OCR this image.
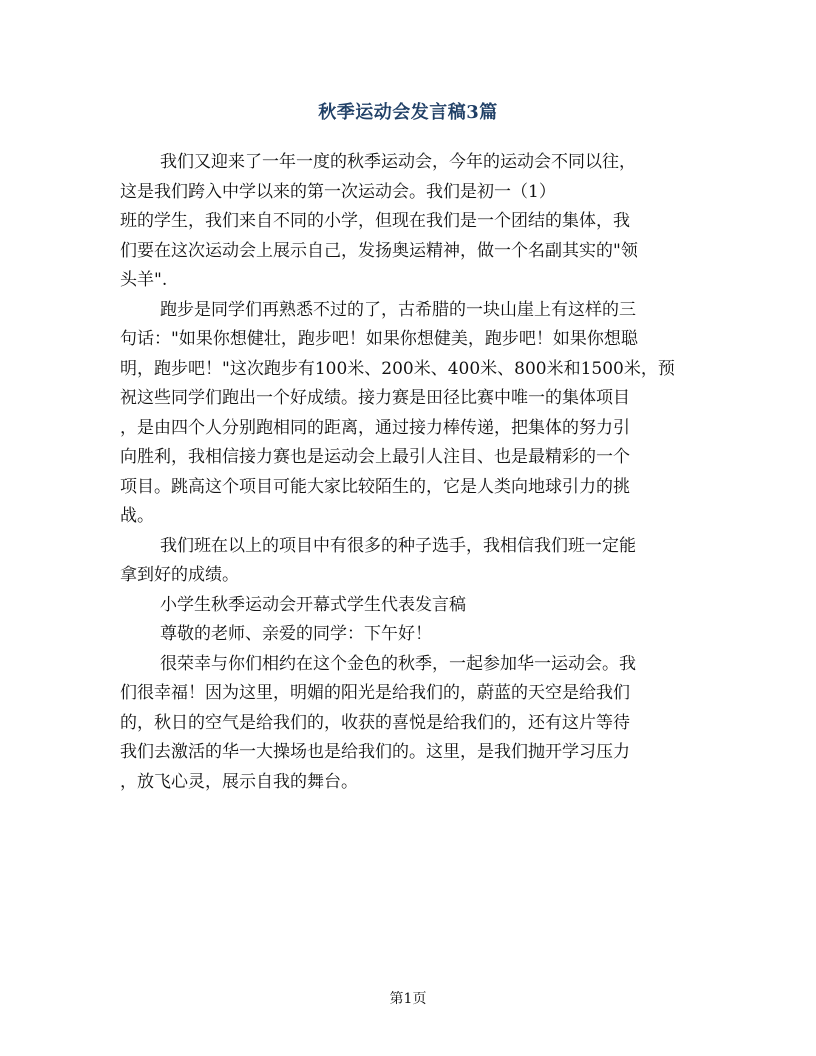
秋季运动会发言稿3篇
我们又迎来了一年一度的秋季运动会，今年的运动会不同以往，
这是我们跨入中学以来的第一次运动会。我们是初一（1）
班的学生，我们来自不同的小学，但现在我们是一个团结的集体，我
们要在这次运动会上展示自己，发扬奥运精神，做一个名副其实的"领
头羊".
跑步是同学们再熟悉不过的了，古希腊的一块山崖上有这样的三
句话："如果你想健壮，跑步吧！如果你想健美，跑步吧！如果你想聪
明，跑步吧！"这次跑步有100米、200米、400米、800米和1500米，预
祝这些同学们跑出一个好成绩。接力赛是田径比赛中唯一的集体项目
，是由四个人分别跑相同的距离，通过接力棒传递，把集体的努力引
向胜利，我相信接力赛也是运动会上最引人注目、也是最精彩的一个
项目。跳高这个项目可能大家比较陌生的，它是人类向地球引力的挑
战。
我们班在以上的项目中有很多的种子选手，我相信我们班一定能
拿到好的成绩。
小学生秋季运动会开幕式学生代表发言稿
尊敬的老师、亲爱的同学：下午好！
很荣幸与你们相约在这个金色的秋季，一起参加华一运动会。我
们很幸福！因为这里，明媚的阳光是给我们的，蔚蓝的天空是给我们
的，秋日的空气是给我们的，收获的喜悦是给我们的，还有这片等待
我们去激活的华一大操场也是给我们的。这里，是我们抛开学习压力
，放飞心灵，展示自我的舞台。
第1页
